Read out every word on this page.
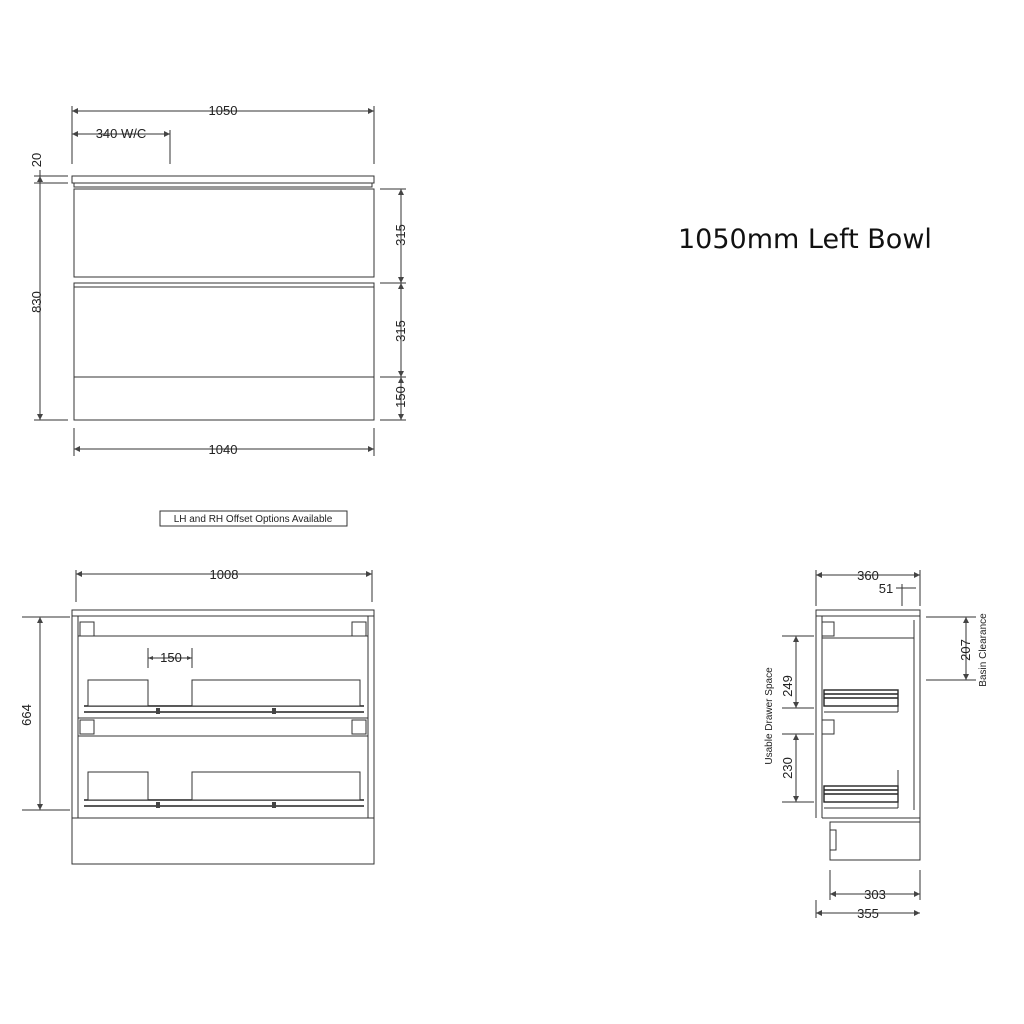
1050mm Left Bowl
1050
340 W/C
20
830
315
315
150
1040
LH and RH Offset Options Available
1008
664
150
360
51
207 Basin Clearance
249
230
Usable Drawer Space
303
355
